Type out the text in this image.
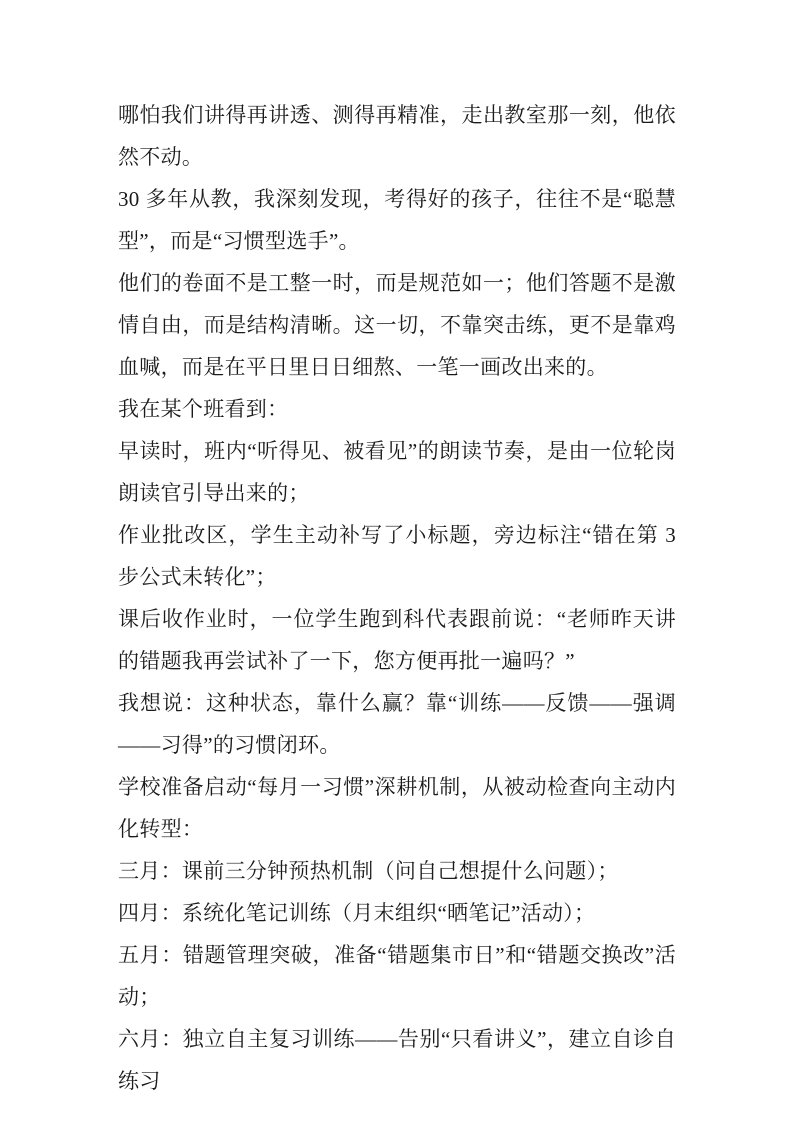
哪怕我们讲得再讲透、测得再精准，走出教室那一刻，他依然不动。

30 多年从教，我深刻发现，考得好的孩子，往往不是“聪慧型”，而是“习惯型选手”。

他们的卷面不是工整一时，而是规范如一；他们答题不是激情自由，而是结构清晰。这一切，不靠突击练，更不是靠鸡血喊，而是在平日里日日细熬、一笔一画改出来的。

我在某个班看到：

早读时，班内“听得见、被看见”的朗读节奏，是由一位轮岗朗读官引导出来的；

作业批改区，学生主动补写了小标题，旁边标注“错在第 3 步公式未转化”；

课后收作业时，一位学生跑到科代表跟前说：“老师昨天讲的错题我再尝试补了一下，您方便再批一遍吗？”

我想说：这种状态，靠什么赢？靠“训练——反馈——强调——习得”的习惯闭环。

学校准备启动“每月一习惯”深耕机制，从被动检查向主动内化转型：

三月：课前三分钟预热机制（问自己想提什么问题）；

四月：系统化笔记训练（月末组织“晒笔记”活动）；

五月：错题管理突破，准备“错题集市日”和“错题交换改”活动；

六月：独立自主复习训练——告别“只看讲义”，建立自诊自练习
